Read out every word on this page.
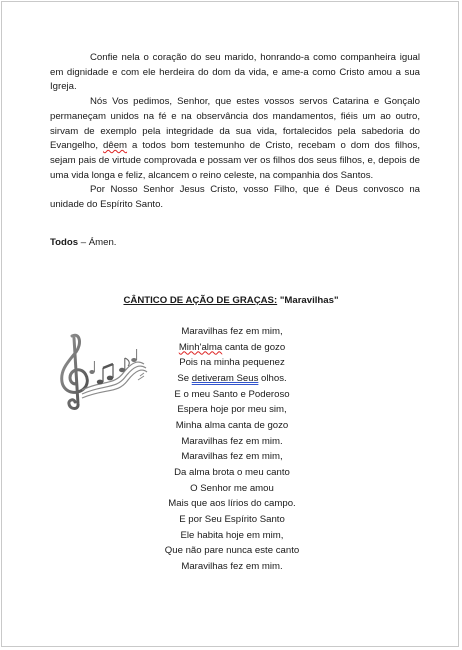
Confie nela o coração do seu marido, honrando-a como companheira igual em dignidade e com ele herdeira do dom da vida, e ame-a como Cristo amou a sua Igreja.

Nós Vos pedimos, Senhor, que estes vossos servos Catarina e Gonçalo permaneçam unidos na fé e na observância dos mandamentos, fiéis um ao outro, sirvam de exemplo pela integridade da sua vida, fortalecidos pela sabedoria do Evangelho, dêem a todos bom testemunho de Cristo, recebam o dom dos filhos, sejam pais de virtude comprovada e possam ver os filhos dos seus filhos, e, depois de uma vida longa e feliz, alcancem o reino celeste, na companhia dos Santos.

Por Nosso Senhor Jesus Cristo, vosso Filho, que é Deus convosco na unidade do Espírito Santo.

Todos – Ámen.
CÂNTICO DE AÇÃO DE GRAÇAS: "Maravilhas"
Maravilhas fez em mim,
Minh'alma canta de gozo
Pois na minha pequenez
Se detiveram Seus olhos.
E o meu Santo e Poderoso
Espera hoje por meu sim,
Minha alma canta de gozo
Maravilhas fez em mim.
Maravilhas fez em mim,
Da alma brota o meu canto
O Senhor me amou
Mais que aos lírios do campo.
E por Seu Espírito Santo
Ele habita hoje em mim,
Que não pare nunca este canto
Maravilhas fez em mim.
